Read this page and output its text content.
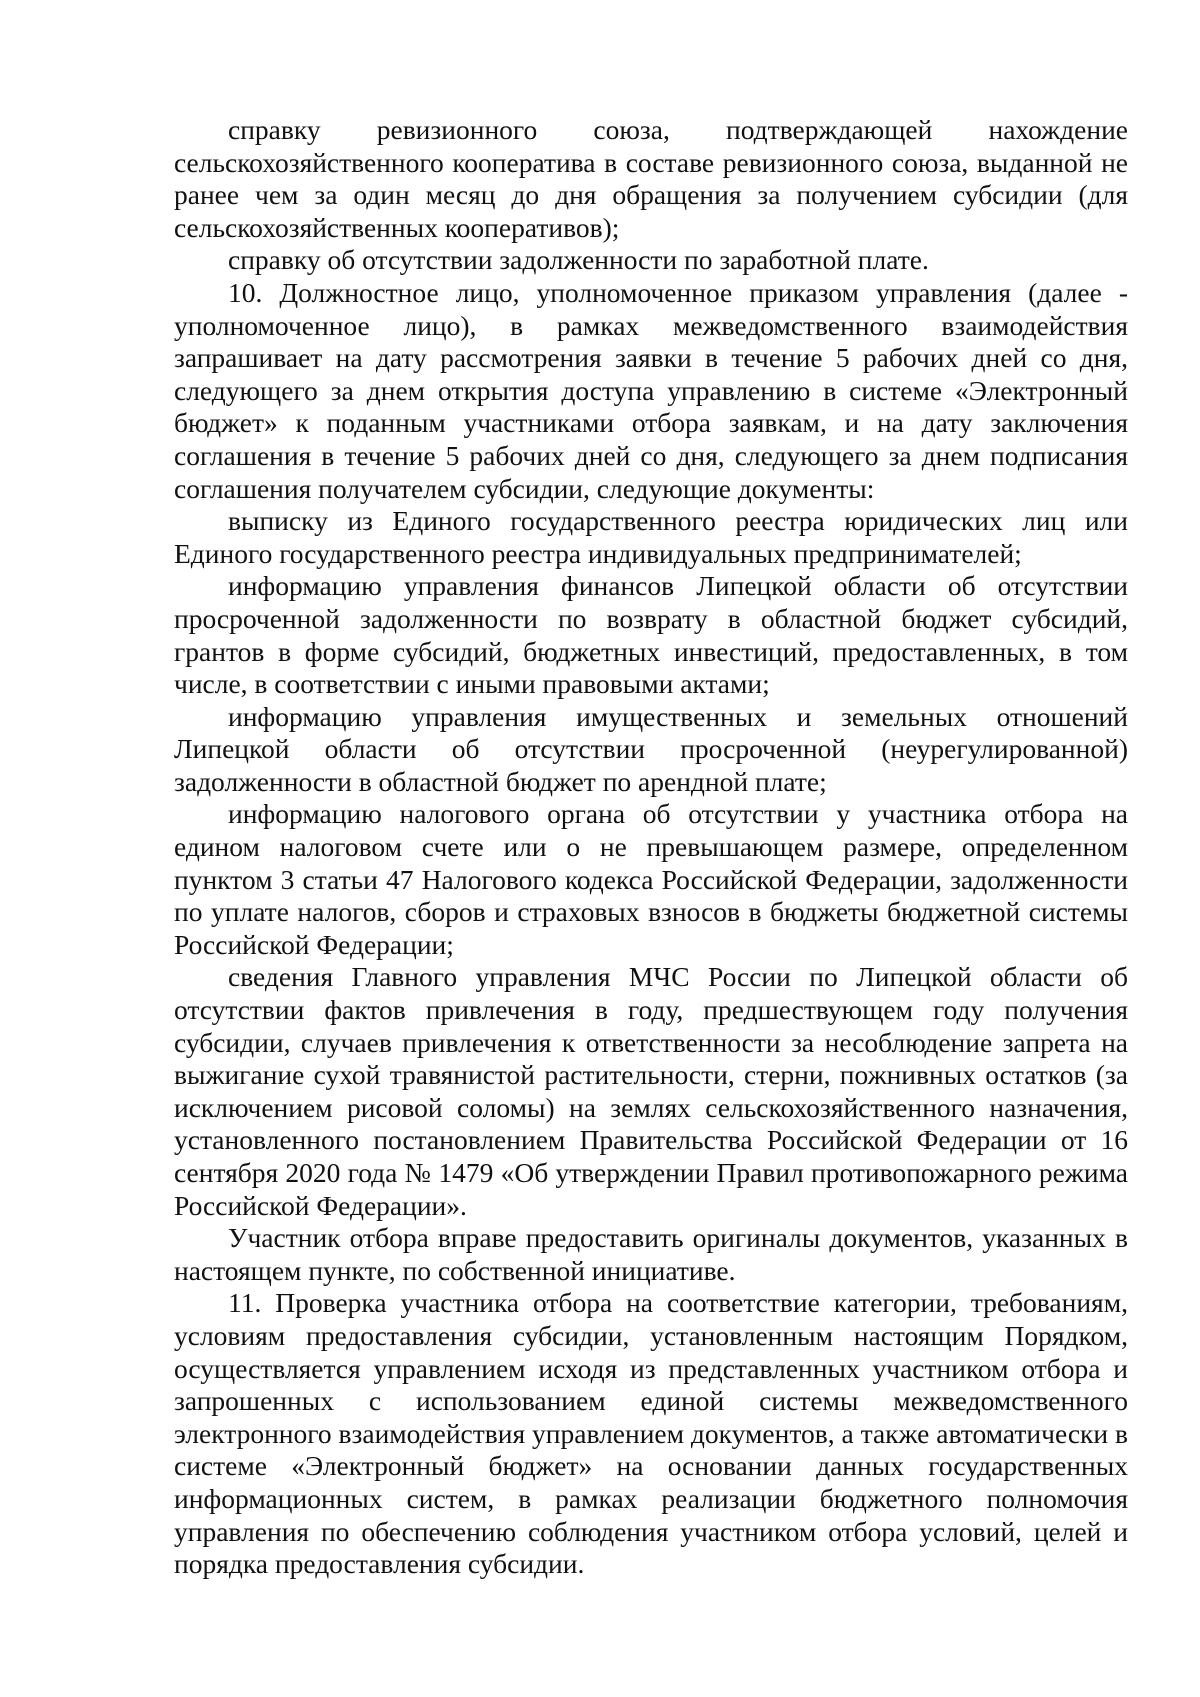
справку ревизионного союза, подтверждающей нахождение сельскохозяйственного кооператива в составе ревизионного союза, выданной не ранее чем за один месяц до дня обращения за получением субсидии (для сельскохозяйственных кооперативов);

справку об отсутствии задолженности по заработной плате.

10. Должностное лицо, уполномоченное приказом управления (далее - уполномоченное лицо), в рамках межведомственного взаимодействия запрашивает на дату рассмотрения заявки в течение 5 рабочих дней со дня, следующего за днем открытия доступа управлению в системе «Электронный бюджет» к поданным участниками отбора заявкам, и на дату заключения соглашения в течение 5 рабочих дней со дня, следующего за днем подписания соглашения получателем субсидии, следующие документы:

выписку из Единого государственного реестра юридических лиц или Единого государственного реестра индивидуальных предпринимателей;

информацию управления финансов Липецкой области об отсутствии просроченной задолженности по возврату в областной бюджет субсидий, грантов в форме субсидий, бюджетных инвестиций, предоставленных, в том числе, в соответствии с иными правовыми актами;

информацию управления имущественных и земельных отношений Липецкой области об отсутствии просроченной (неурегулированной) задолженности в областной бюджет по арендной плате;

информацию налогового органа об отсутствии у участника отбора на едином налоговом счете или о не превышающем размере, определенном пунктом 3 статьи 47 Налогового кодекса Российской Федерации, задолженности по уплате налогов, сборов и страховых взносов в бюджеты бюджетной системы Российской Федерации;

сведения Главного управления МЧС России по Липецкой области об отсутствии фактов привлечения в году, предшествующем году получения субсидии, случаев привлечения к ответственности за несоблюдение запрета на выжигание сухой травянистой растительности, стерни, пожнивных остатков (за исключением рисовой соломы) на землях сельскохозяйственного назначения, установленного постановлением Правительства Российской Федерации от 16 сентября 2020 года № 1479 «Об утверждении Правил противопожарного режима Российской Федерации».

Участник отбора вправе предоставить оригиналы документов, указанных в настоящем пункте, по собственной инициативе.

11. Проверка участника отбора на соответствие категории, требованиям, условиям предоставления субсидии, установленным настоящим Порядком, осуществляется управлением исходя из представленных участником отбора и запрошенных с использованием единой системы межведомственного электронного взаимодействия управлением документов, а также автоматически в системе «Электронный бюджет» на основании данных государственных информационных систем, в рамках реализации бюджетного полномочия управления по обеспечению соблюдения участником отбора условий, целей и порядка предоставления субсидии.
